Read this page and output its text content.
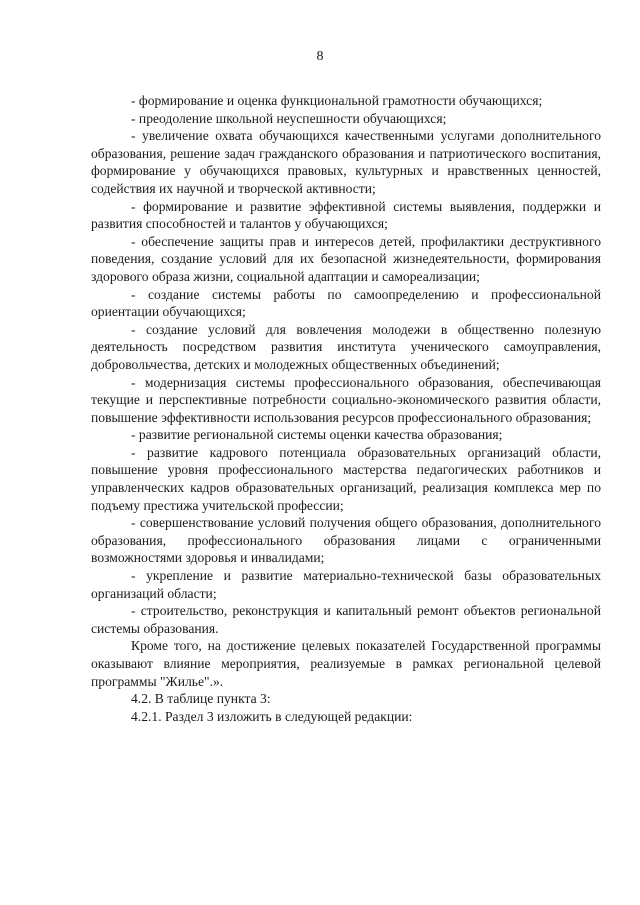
8

- формирование и оценка функциональной грамотности обучающихся;

- преодоление школьной неуспешности обучающихся;

- увеличение охвата обучающихся качественными услугами дополнительного образования, решение задач гражданского образования и патриотического воспитания, формирование у обучающихся правовых, культурных и нравственных ценностей, содействия их научной и творческой активности;

- формирование и развитие эффективной системы выявления, поддержки и развития способностей и талантов у обучающихся;

- обеспечение защиты прав и интересов детей, профилактики деструктивного поведения, создание условий для их безопасной жизнедеятельности, формирования здорового образа жизни, социальной адаптации и самореализации;

- создание системы работы по самоопределению и профессиональной ориентации обучающихся;

- создание условий для вовлечения молодежи в общественно полезную деятельность посредством развития института ученического самоуправления, добровольчества, детских и молодежных общественных объединений;

- модернизация системы профессионального образования, обеспечивающая текущие и перспективные потребности социально-экономического развития области, повышение эффективности использования ресурсов профессионального образования;

- развитие региональной системы оценки качества образования;

- развитие кадрового потенциала образовательных организаций области, повышение уровня профессионального мастерства педагогических работников и управленческих кадров образовательных организаций, реализация комплекса мер по подъему престижа учительской профессии;

- совершенствование условий получения общего образования, дополнительного образования, профессионального образования лицами с ограниченными возможностями здоровья и инвалидами;

- укрепление и развитие материально-технической базы образовательных организаций области;

- строительство, реконструкция и капитальный ремонт объектов региональной системы образования.

Кроме того, на достижение целевых показателей Государственной программы оказывают влияние мероприятия, реализуемые в рамках региональной целевой программы "Жилье".».

4.2. В таблице пункта 3:

4.2.1. Раздел 3 изложить в следующей редакции:
